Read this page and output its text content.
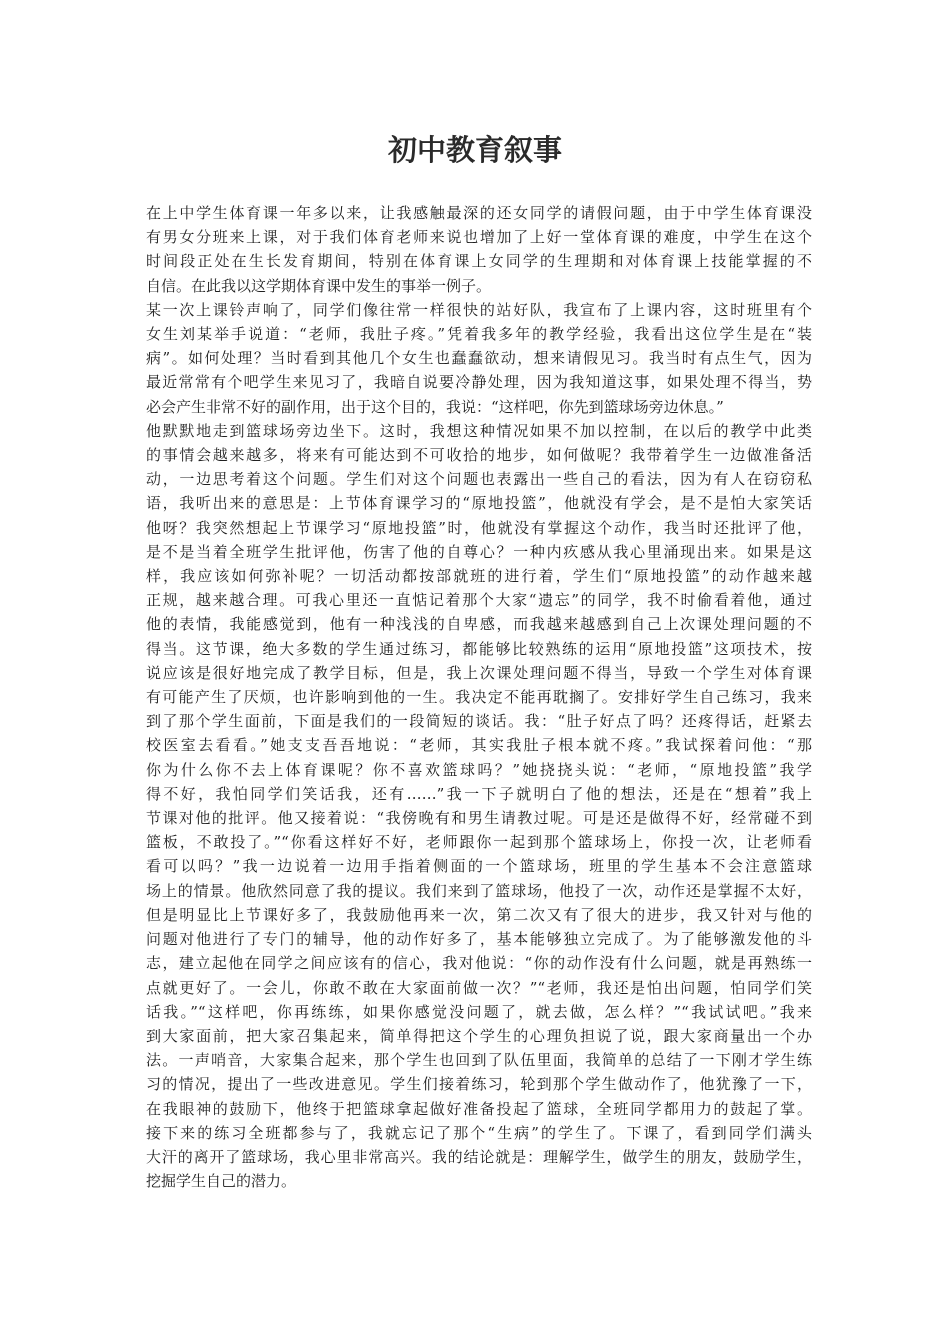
初中教育叙事
在上中学生体育课一年多以来，让我感触最深的还女同学的请假问题，由于中学生体育课没
有男女分班来上课，对于我们体育老师来说也增加了上好一堂体育课的难度，中学生在这个
时间段正处在生长发育期间，特别在体育课上女同学的生理期和对体育课上技能掌握的不
自信。在此我以这学期体育课中发生的事举一例子。
某一次上课铃声响了，同学们像往常一样很快的站好队，我宣布了上课内容，这时班里有个
女生刘某举手说道：“老师，我肚子疼。”凭着我多年的教学经验，我看出这位学生是在“装
病”。如何处理？当时看到其他几个女生也蠢蠢欲动，想来请假见习。我当时有点生气，因为
最近常常有个吧学生来见习了，我暗自说要冷静处理，因为我知道这事，如果处理不得当，势
必会产生非常不好的副作用，出于这个目的，我说：“这样吧，你先到篮球场旁边休息。”
他默默地走到篮球场旁边坐下。这时，我想这种情况如果不加以控制，在以后的教学中此类
的事情会越来越多，将来有可能达到不可收拾的地步，如何做呢？我带着学生一边做准备活
动，一边思考着这个问题。学生们对这个问题也表露出一些自己的看法，因为有人在窃窃私
语，我听出来的意思是：上节体育课学习的“原地投篮”，他就没有学会，是不是怕大家笑话
他呀？我突然想起上节课学习“原地投篮”时，他就没有掌握这个动作，我当时还批评了他，
是不是当着全班学生批评他，伤害了他的自尊心？一种内疚感从我心里涌现出来。如果是这
样，我应该如何弥补呢？一切活动都按部就班的进行着，学生们“原地投篮”的动作越来越
正规，越来越合理。可我心里还一直惦记着那个大家“遗忘”的同学，我不时偷看着他，通过
他的表情，我能感觉到，他有一种浅浅的自卑感，而我越来越感到自己上次课处理问题的不
得当。这节课，绝大多数的学生通过练习，都能够比较熟练的运用“原地投篮”这项技术，按
说应该是很好地完成了教学目标，但是，我上次课处理问题不得当，导致一个学生对体育课
有可能产生了厌烦，也许影响到他的一生。我决定不能再耽搁了。安排好学生自己练习，我来
到了那个学生面前，下面是我们的一段简短的谈话。我：“肚子好点了吗？还疼得话，赶紧去
校医室去看看。”她支支吾吾地说：“老师，其实我肚子根本就不疼。”我试探着问他：“那
你为什么你不去上体育课呢？你不喜欢篮球吗？”她挠挠头说：“老师，“原地投篮”我学
得不好，我怕同学们笑话我，还有……”我一下子就明白了他的想法，还是在“想着”我上
节课对他的批评。他又接着说：“我傍晚有和男生请教过呢。可是还是做得不好，经常碰不到
篮板，不敢投了。”“你看这样好不好，老师跟你一起到那个篮球场上，你投一次，让老师看
看可以吗？”我一边说着一边用手指着侧面的一个篮球场，班里的学生基本不会注意篮球
场上的情景。他欣然同意了我的提议。我们来到了篮球场，他投了一次，动作还是掌握不太好，
但是明显比上节课好多了，我鼓励他再来一次，第二次又有了很大的进步，我又针对与他的
问题对他进行了专门的辅导，他的动作好多了，基本能够独立完成了。为了能够激发他的斗
志，建立起他在同学之间应该有的信心，我对他说：“你的动作没有什么问题，就是再熟练一
点就更好了。一会儿，你敢不敢在大家面前做一次？”“老师，我还是怕出问题，怕同学们笑
话我。”“这样吧，你再练练，如果你感觉没问题了，就去做，怎么样？”“我试试吧。”我来
到大家面前，把大家召集起来，简单得把这个学生的心理负担说了说，跟大家商量出一个办
法。一声哨音，大家集合起来，那个学生也回到了队伍里面，我简单的总结了一下刚才学生练
习的情况，提出了一些改进意见。学生们接着练习，轮到那个学生做动作了，他犹豫了一下，
在我眼神的鼓励下，他终于把篮球拿起做好准备投起了篮球，全班同学都用力的鼓起了掌。
接下来的练习全班都参与了，我就忘记了那个“生病”的学生了。下课了，看到同学们满头
大汗的离开了篮球场，我心里非常高兴。我的结论就是：理解学生，做学生的朋友，鼓励学生，
挖掘学生自己的潜力。
